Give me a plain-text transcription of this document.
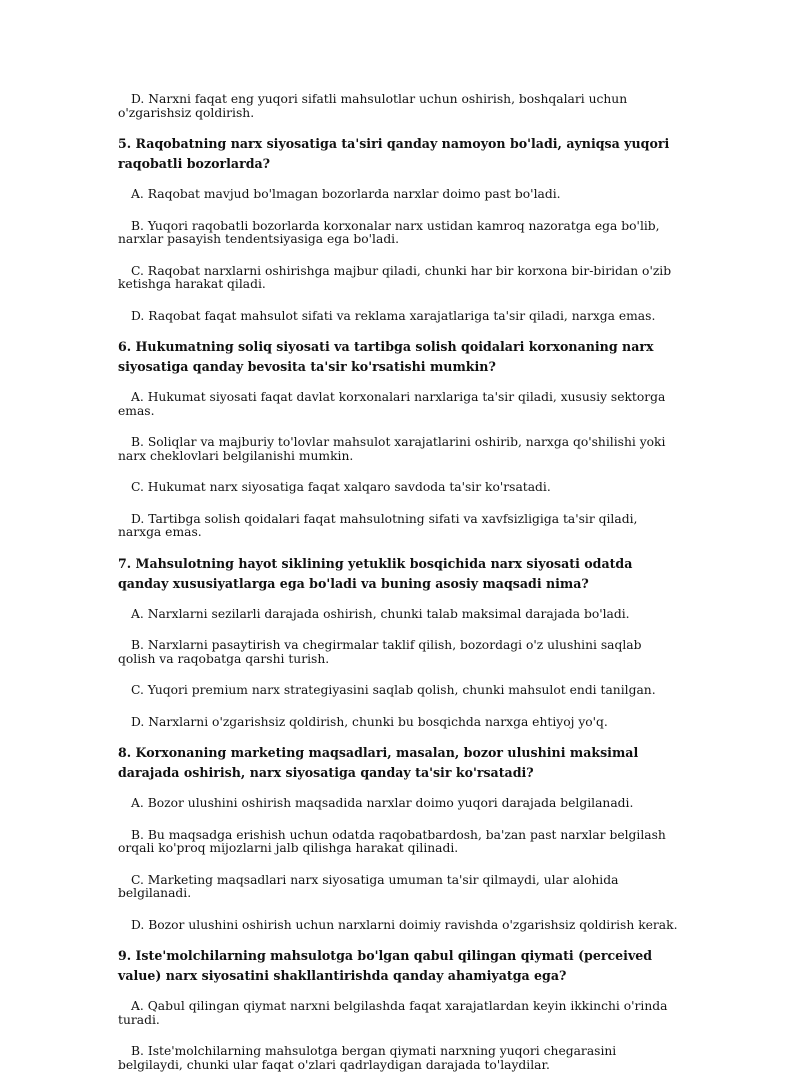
D. Narxni faqat eng yuqori sifatli mahsulotlar uchun oshirish, boshqalari uchun o'zgarishsiz qoldirish.

5. Raqobatning narx siyosatiga ta'siri qanday namoyon bo'ladi, ayniqsa yuqori raqobatli bozorlarda?

A. Raqobat mavjud bo'lmagan bozorlarda narxlar doimo past bo'ladi.

B. Yuqori raqobatli bozorlarda korxonalar narx ustidan kamroq nazoratga ega bo'lib, narxlar pasayish tendentsiyasiga ega bo'ladi.

C. Raqobat narxlarni oshirishga majbur qiladi, chunki har bir korxona bir-biridan o'zib ketishga harakat qiladi.

D. Raqobat faqat mahsulot sifati va reklama xarajatlariga ta'sir qiladi, narxga emas.

6. Hukumatning soliq siyosati va tartibga solish qoidalari korxonaning narx siyosatiga qanday bevosita ta'sir ko'rsatishi mumkin?

A. Hukumat siyosati faqat davlat korxonalari narxlariga ta'sir qiladi, xususiy sektorga emas.

B. Soliqlar va majburiy to'lovlar mahsulot xarajatlarini oshirib, narxga qo'shilishi yoki narx cheklovlari belgilanishi mumkin.

C. Hukumat narx siyosatiga faqat xalqaro savdoda ta'sir ko'rsatadi.

D. Tartibga solish qoidalari faqat mahsulotning sifati va xavfsizligiga ta'sir qiladi, narxga emas.

7. Mahsulotning hayot siklining yetuklik bosqichida narx siyosati odatda qanday xususiyatlarga ega bo'ladi va buning asosiy maqsadi nima?

A. Narxlarni sezilarli darajada oshirish, chunki talab maksimal darajada bo'ladi.

B. Narxlarni pasaytirish va chegirmalar taklif qilish, bozordagi o'z ulushini saqlab qolish va raqobatga qarshi turish.

C. Yuqori premium narx strategiyasini saqlab qolish, chunki mahsulot endi tanilgan.

D. Narxlarni o'zgarishsiz qoldirish, chunki bu bosqichda narxga ehtiyoj yo'q.

8. Korxonaning marketing maqsadlari, masalan, bozor ulushini maksimal darajada oshirish, narx siyosatiga qanday ta'sir ko'rsatadi?

A. Bozor ulushini oshirish maqsadida narxlar doimo yuqori darajada belgilanadi.

B. Bu maqsadga erishish uchun odatda raqobatbardosh, ba'zan past narxlar belgilash orqali ko'proq mijozlarni jalb qilishga harakat qilinadi.

C. Marketing maqsadlari narx siyosatiga umuman ta'sir qilmaydi, ular alohida belgilanadi.

D. Bozor ulushini oshirish uchun narxlarni doimiy ravishda o'zgarishsiz qoldirish kerak.

9. Iste'molchilarning mahsulotga bo'lgan qabul qilingan qiymati (perceived value) narx siyosatini shakllantirishda qanday ahamiyatga ega?

A. Qabul qilingan qiymat narxni belgilashda faqat xarajatlardan keyin ikkinchi o'rinda turadi.

B. Iste'molchilarning mahsulotga bergan qiymati narxning yuqori chegarasini belgilaydi, chunki ular faqat o'zlari qadrlaydigan darajada to'laydilar.
